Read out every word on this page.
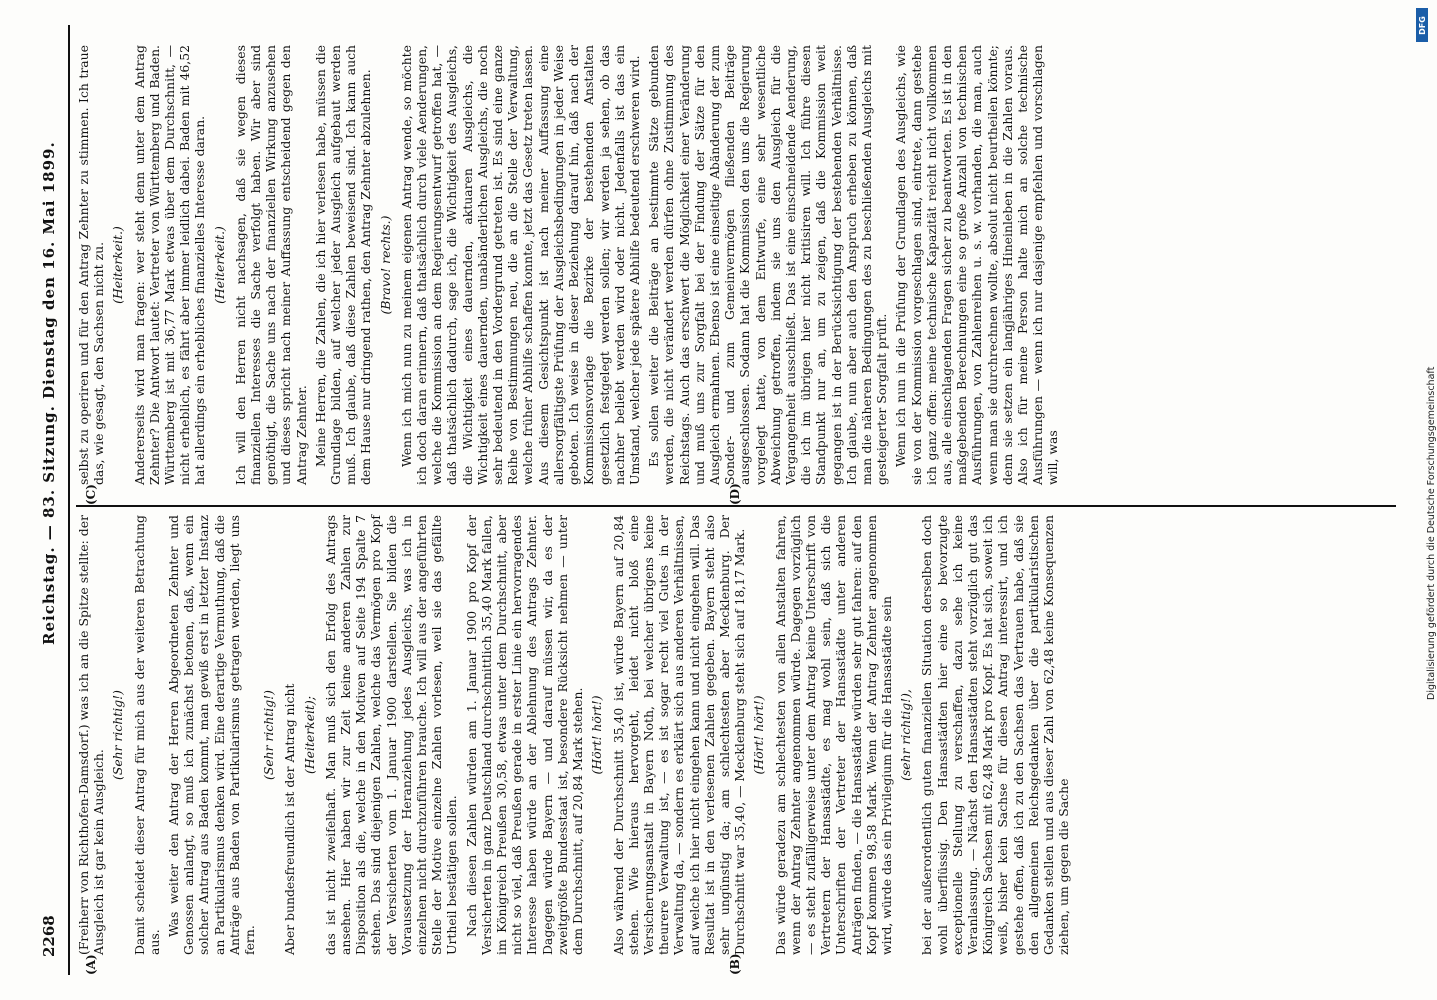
2268
Reichstag. — 83. Sitzung. Dienstag den 16. Mai 1899.
(A)	(B)
(C)	(D)

(Freiherr von Richthofen-Damsdorf.) was ich an die Spitze stellte: der Ausgleich ist gar kein Ausgleich.

(Sehr richtig!) Damit scheidet dieser Antrag für mich aus der weiteren Betrachtung aus.

Was weiter den Antrag der Herren Abgeordneten Zehnter und Genossen anlangt, so muß ich zunächst betonen, daß, wenn ein solcher Antrag aus Baden kommt, man gewiß erst in letzter Instanz an Partikularismus denken wird. Eine derartige Vermuthung, daß die Anträge aus Baden von Partikularismus getragen werden, liegt uns fern.

(Sehr richtig!) Aber bundesfreundlich ist der Antrag nicht (Heiterkeit); das ist nicht zweifelhaft. Man muß sich den Erfolg des Antrags ansehen. Hier haben wir zur Zeit keine anderen Zahlen zur Disposition als die, welche in den Motiven auf Seite 194 Spalte 7 stehen. Das sind diejenigen Zahlen, welche das Vermögen pro Kopf der Versicherten vom 1. Januar 1900 darstellen. Sie bilden die Voraussetzung der Heranziehung jedes Ausgleichs, was ich in einzelnen nicht durchzuführen brauche. Ich will aus der angeführten Stelle der Motive einzelne Zahlen vorlesen, weil sie das gefällte Urtheil bestätigen sollen. Nach diesen Zahlen würden am 1. Januar 1900 pro Kopf der Versicherten in ganz Deutschland durchschnittlich 35,40 Mark fallen, im Königreich Preußen 30,58, etwas unter dem Durchschnitt, aber nicht so viel, daß Preußen gerade in erster Linie ein hervorragendes Interesse haben würde an der Ablehnung des Antrags Zehnter. Dagegen würde Bayern — und darauf müssen wir, da es der zweitgrößte Bundesstaat ist, besondere Rücksicht nehmen — unter dem Durchschnitt, auf 20,84 Mark stehen. (Hört! hört!) Also während der Durchschnitt 35,40 ist, würde Bayern auf 20,84 stehen. Wie hieraus hervorgeht, leidet nicht bloß eine Versicherungsanstalt in Bayern Noth, bei welcher übrigens keine theurere Verwaltung ist, — es ist sogar recht viel Gutes in der Verwaltung da, — sondern es erklärt sich aus anderen Verhältnissen, auf welche ich hier nicht eingehen kann und nicht eingehen will. Das Resultat ist in den verlesenen Zahlen gegeben. Bayern steht also sehr ungünstig da; am schlechtesten aber Mecklenburg. Der Durchschnitt war 35,40, — Mecklenburg steht sich auf 18,17 Mark. (Hört! hört!) Das würde geradezu am schlechtesten von allen Anstalten fahren, wenn der Antrag Zehnter angenommen würde. Dagegen vorzüglich — es steht zufälligerweise unter dem Antrag keine Unterschrift von Vertretern der Hansastädte, es mag wohl sein, daß sich die Unterschriften der Vertreter der Hansastädte unter anderen Anträgen finden, — die Hansastädte würden sehr gut fahren: auf den Kopf kommen 98,58 Mark. Wenn der Antrag Zehnter angenommen wird, würde das ein Privilegium für die Hansastädte sein (sehr richtig!), bei der außerordentlich guten finanziellen Situation derselben doch wohl überflüssig. Den Hansastädten hier eine so bevorzugte exceptionelle Stellung zu verschaffen, dazu sehe ich keine Veranlassung. — Nächst den Hansastädten steht vorzüglich gut das Königreich Sachsen mit 62,48 Mark pro Kopf. Es hat sich, soweit ich weiß, bisher kein Sachse für diesen Antrag interessirt, und ich gestehe offen, daß ich zu den Sachsen das Vertrauen habe, daß sie den allgemeinen Reichsgedanken über die partikularistischen Gedanken stellen und aus dieser Zahl von 62,48 keine Konsequenzen ziehen, um gegen die Sache

selbst zu operiren und für den Antrag Zehnter zu stimmen. Ich traue das, wie gesagt, den Sachsen nicht zu. (Heiterkeit.) Andererseits wird man fragen: wer steht denn unter dem Antrag Zehnter? Die Antwort lautet: Vertreter von Württemberg und Baden. Württemberg ist mit 36,77 Mark etwas über dem Durchschnitt, — nicht erheblich, es fährt aber immer leidlich dabei. Baden mit 46,52 hat allerdings ein erhebliches finanzielles Interesse daran. (Heiterkeit.) Ich will den Herren nicht nachsagen, daß sie wegen dieses finanziellen Interesses die Sache verfolgt haben. Wir aber sind genöthigt, die Sache uns nach der finanziellen Wirkung anzusehen und dieses spricht nach meiner Auffassung entscheidend gegen den Antrag Zehnter. Meine Herren, die Zahlen, die ich hier verlesen habe, müssen die Grundlage bilden, auf welcher jeder Ausgleich aufgebaut werden muß. Ich glaube, daß diese Zahlen beweisend sind. Ich kann auch dem Hause nur dringend rathen, den Antrag Zehnter abzulehnen. (Bravo! rechts.) Wenn ich mich nun zu meinem eigenen Antrag wende, so möchte ich doch daran erinnern, daß thatsächlich durch viele Aenderungen, welche die Kommission an dem Regierungsentwurf getroffen hat, — daß thatsächlich dadurch, sage ich, die Wichtigkeit des Ausgleichs, die Wichtigkeit eines dauernden, aktuaren Ausgleichs, die Wichtigkeit eines dauernden, unabänderlichen Ausgleichs, die noch sehr bedeutend in den Vordergrund getreten ist. Es sind eine ganze Reihe von Bestimmungen neu, die an die Stelle der Verwaltung, welche früher Abhilfe schaffen konnte, jetzt das Gesetz treten lassen. Aus diesem Gesichtspunkt ist nach meiner Auffassung eine allersorgfältigste Prüfung der Ausgleichsbedingungen in jeder Weise geboten. Ich weise in dieser Beziehung darauf hin, daß nach der Kommissionsvorlage die Bezirke der bestehenden Anstalten gesetzlich festgelegt werden sollen; wir werden ja sehen, ob das nachher beliebt werden wird oder nicht. Jedenfalls ist das ein Umstand, welcher jede spätere Abhilfe bedeutend erschweren wird. Es sollen weiter die Beiträge an bestimmte Sätze gebunden werden, die nicht verändert werden dürfen ohne Zustimmung des Reichstags. Auch das erschwert die Möglichkeit einer Veränderung und muß uns zur Sorgfalt bei der Findung der Sätze für den Ausgleich ermahnen. Ebenso ist eine einseitige Abänderung der zum Sonder- und zum Gemeinvermögen fließenden Beiträge ausgeschlossen. Sodann hat die Kommission den uns die Regierung vorgelegt hatte, von dem Entwurfe, eine sehr wesentliche Abweichung getroffen, indem sie uns den Ausgleich für die Vergangenheit ausschließt. Das ist eine einschneidende Aenderung, die ich im übrigen hier nicht kritisiren will. Ich führe diesen Standpunkt nur an, um zu zeigen, daß die Kommission weit gegangen ist in der Berücksichtigung der bestehenden Verhältnisse. Ich glaube, nun aber auch den Anspruch erheben zu können, daß man die näheren Bedingungen des zu beschließenden Ausgleichs mit gesteigerter Sorgfalt prüft. Wenn ich nun in die Prüfung der Grundlagen des Ausgleichs, wie sie von der Kommission vorgeschlagen sind, eintrete, dann gestehe ich ganz offen: meine technische Kapazität reicht nicht vollkommen aus, alle einschlagenden Fragen sicher zu beantworten. Es ist in den maßgebenden Berechnungen eine so große Anzahl von technischen Ausführungen, von Zahlenreihen u. s. w. vorhanden, die man, auch wenn man sie durchrechnen wollte, absolut nicht beurtheilen könnte; denn sie setzen ein langjähriges Hineinleben in die Zahlen voraus. Also ich für meine Person halte mich an solche technische Ausführungen — wenn ich nur dasjenige empfehlen und vorschlagen will, was	Digitalisierung gefördert durch die Deutsche Forschungsgemeinschaft
DFG
